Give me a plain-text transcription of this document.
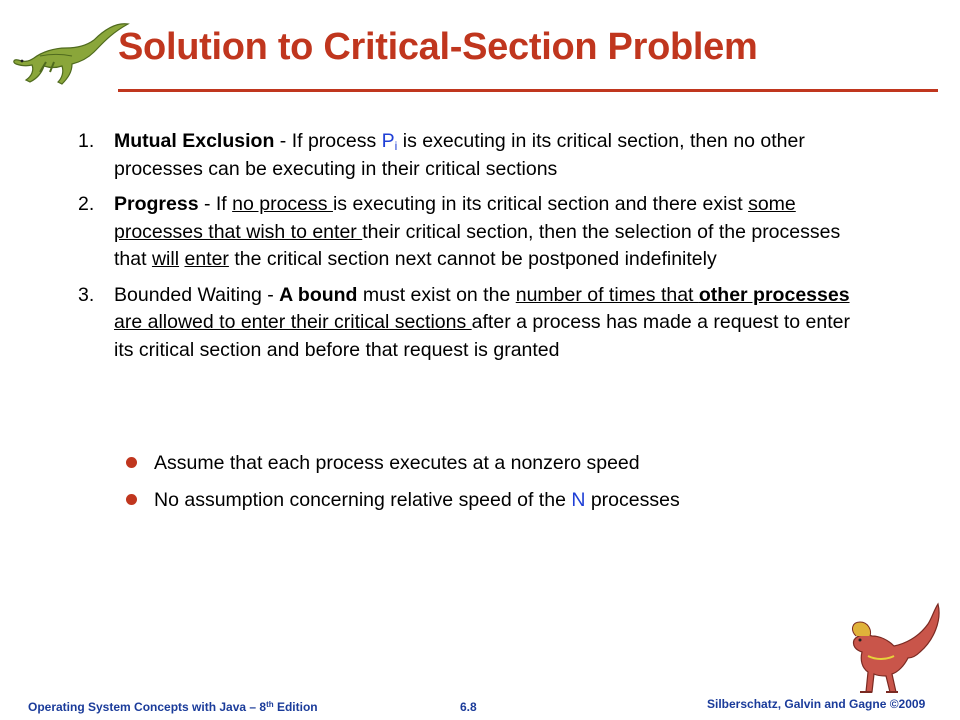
Solution to Critical-Section Problem
1. Mutual Exclusion - If process $P_i$ is executing in its critical section, then no other processes can be executing in their critical sections
2. Progress - If no process is executing in its critical section and there exist some processes that wish to enter their critical section, then the selection of the processes that will enter the critical section next cannot be postponed indefinitely
3. Bounded Waiting - A bound must exist on the number of times that other processes are allowed to enter their critical sections after a process has made a request to enter its critical section and before that request is granted
Assume that each process executes at a nonzero speed
No assumption concerning relative speed of the N processes
Operating System Concepts with Java – 8th Edition	6.8	Silberschatz, Galvin and Gagne ©2009
